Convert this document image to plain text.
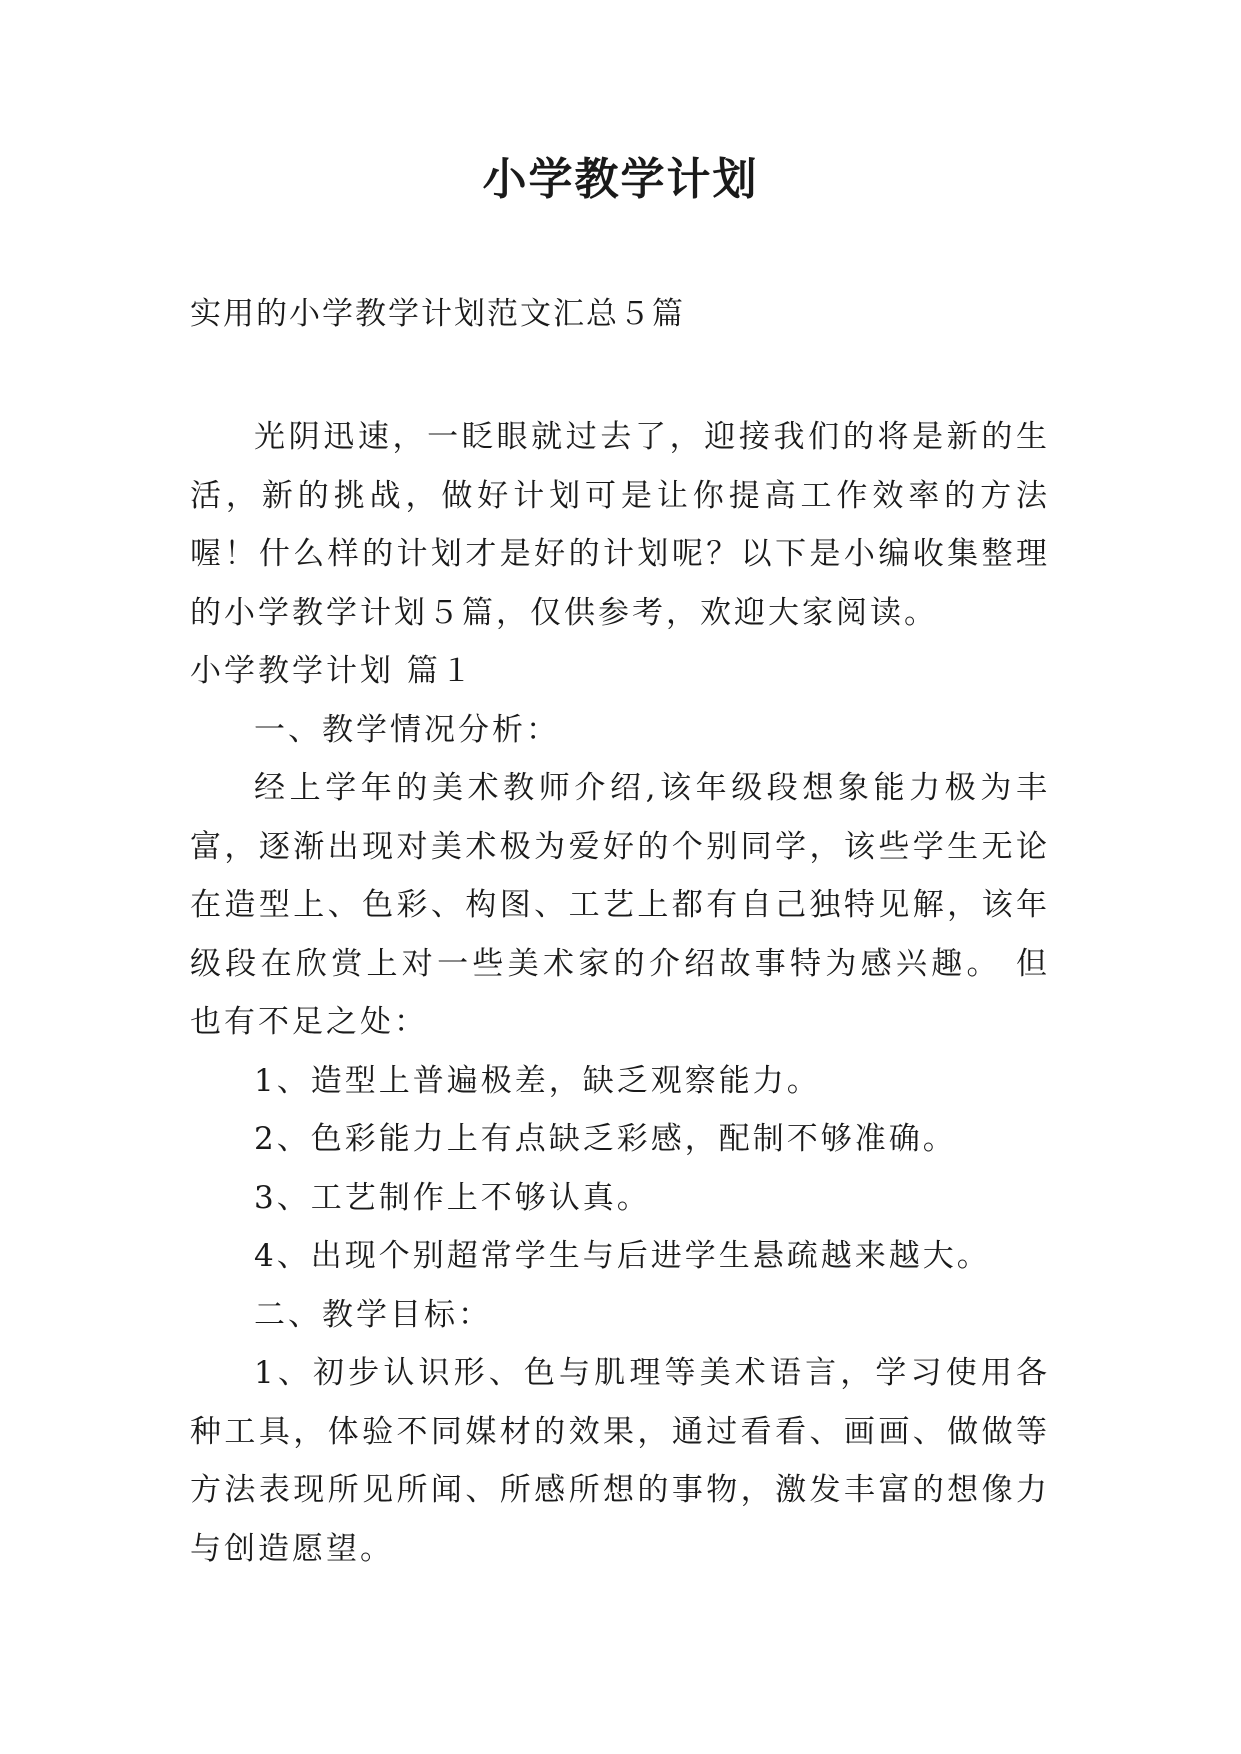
小学教学计划
实用的小学教学计划范文汇总５篇

光阴迅速，一眨眼就过去了，迎接我们的将是新的生活，新的挑战，做好计划可是让你提高工作效率的方法喔！什么样的计划才是好的计划呢？以下是小编收集整理的小学教学计划５篇，仅供参考，欢迎大家阅读。

小学教学计划 篇１

一、教学情况分析：

经上学年的美术教师介绍,该年级段想象能力极为丰富，逐渐出现对美术极为爱好的个别同学，该些学生无论在造型上、色彩、构图、工艺上都有自己独特见解，该年级段在欣赏上对一些美术家的介绍故事特为感兴趣。 但也有不足之处：

1、造型上普遍极差，缺乏观察能力。

2、色彩能力上有点缺乏彩感，配制不够准确。

3、工艺制作上不够认真。

4、出现个别超常学生与后进学生悬疏越来越大。

二、教学目标：

1、初步认识形、色与肌理等美术语言，学习使用各种工具，体验不同媒材的效果，通过看看、画画、做做等方法表现所见所闻、所感所想的事物，激发丰富的想像力与创造愿望。
